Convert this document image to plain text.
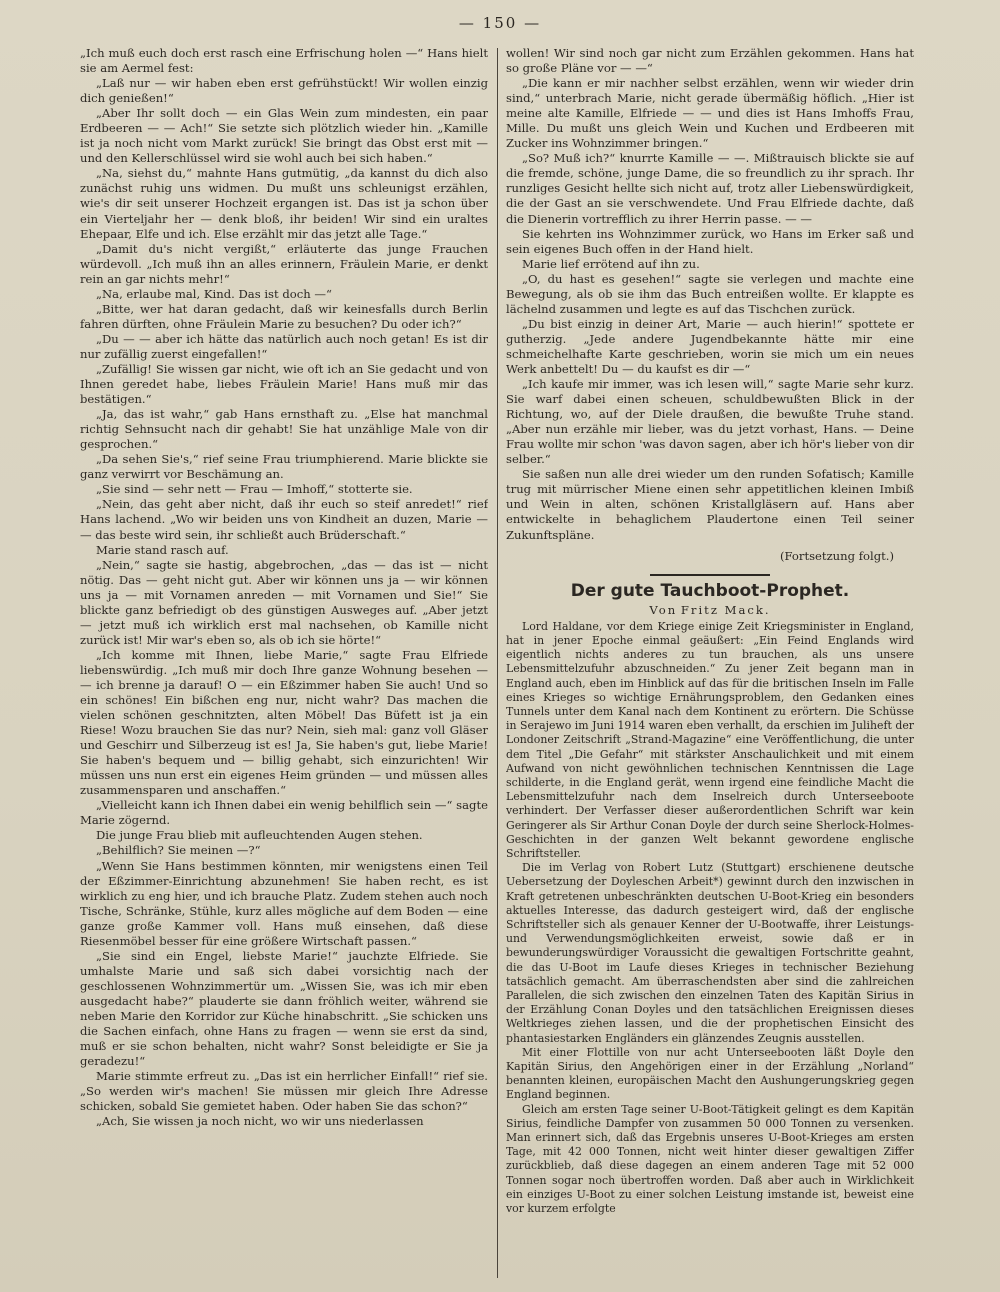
— 150 —

„Ich muß euch doch erst rasch eine Erfrischung holen —“ Hans hielt sie am Aermel fest:

„Laß nur — wir haben eben erst gefrühstückt! Wir wollen einzig dich genießen!“

„Aber Ihr sollt doch — ein Glas Wein zum mindesten, ein paar Erdbeeren — — Ach!“ Sie setzte sich plötzlich wieder hin. „Kamille ist ja noch nicht vom Markt zurück! Sie bringt das Obst erst mit — und den Kellerschlüssel wird sie wohl auch bei sich haben.“

„Na, siehst du,“ mahnte Hans gutmütig, „da kannst du dich also zunächst ruhig uns widmen. Du mußt uns schleunigst erzählen, wie's dir seit unserer Hochzeit ergangen ist. Das ist ja schon über ein Vierteljahr her — denk bloß, ihr beiden! Wir sind ein uraltes Ehepaar, Elfe und ich. Else erzählt mir das jetzt alle Tage.“

„Damit du's nicht vergißt,“ erläuterte das junge Frauchen würdevoll. „Ich muß ihn an alles erinnern, Fräulein Marie, er denkt rein an gar nichts mehr!“

„Na, erlaube mal, Kind. Das ist doch —“

„Bitte, wer hat daran gedacht, daß wir keinesfalls durch Berlin fahren dürften, ohne Fräulein Marie zu besuchen? Du oder ich?“

„Du — — aber ich hätte das natürlich auch noch getan! Es ist dir nur zufällig zuerst eingefallen!“

„Zufällig! Sie wissen gar nicht, wie oft ich an Sie gedacht und von Ihnen geredet habe, liebes Fräulein Marie! Hans muß mir das bestätigen.“

„Ja, das ist wahr,“ gab Hans ernsthaft zu. „Else hat manchmal richtig Sehnsucht nach dir gehabt! Sie hat unzählige Male von dir gesprochen.“

„Da sehen Sie's,“ rief seine Frau triumphierend. Marie blickte sie ganz verwirrt vor Beschämung an.

„Sie sind — sehr nett — Frau — Imhoff,“ stotterte sie.

„Nein, das geht aber nicht, daß ihr euch so steif anredet!“ rief Hans lachend. „Wo wir beiden uns von Kindheit an duzen, Marie — — das beste wird sein, ihr schließt auch Brüderschaft.“

Marie stand rasch auf.

„Nein,“ sagte sie hastig, abgebrochen, „das — das ist — nicht nötig. Das — geht nicht gut. Aber wir können uns ja — wir können uns ja — mit Vornamen anreden — mit Vornamen und Sie!“ Sie blickte ganz befriedigt ob des günstigen Ausweges auf. „Aber jetzt — jetzt muß ich wirklich erst mal nachsehen, ob Kamille nicht zurück ist! Mir war's eben so, als ob ich sie hörte!“

„Ich komme mit Ihnen, liebe Marie,“ sagte Frau Elfriede liebenswürdig. „Ich muß mir doch Ihre ganze Wohnung besehen — — ich brenne ja darauf! O — ein Eßzimmer haben Sie auch! Und so ein schönes! Ein bißchen eng nur, nicht wahr? Das machen die vielen schönen geschnitzten, alten Möbel! Das Büfett ist ja ein Riese! Wozu brauchen Sie das nur? Nein, sieh mal: ganz voll Gläser und Geschirr und Silberzeug ist es! Ja, Sie haben's gut, liebe Marie! Sie haben's bequem und — billig gehabt, sich einzurichten! Wir müssen uns nun erst ein eigenes Heim gründen — und müssen alles zusammensparen und anschaffen.“

„Vielleicht kann ich Ihnen dabei ein wenig behilflich sein —“ sagte Marie zögernd.

Die junge Frau blieb mit aufleuchtenden Augen stehen.

„Behilflich? Sie meinen —?“

„Wenn Sie Hans bestimmen könnten, mir wenigstens einen Teil der Eßzimmer-Einrichtung abzunehmen! Sie haben recht, es ist wirklich zu eng hier, und ich brauche Platz. Zudem stehen auch noch Tische, Schränke, Stühle, kurz alles mögliche auf dem Boden — eine ganze große Kammer voll. Hans muß einsehen, daß diese Riesenmöbel besser für eine größere Wirtschaft passen.“

„Sie sind ein Engel, liebste Marie!“ jauchzte Elfriede. Sie umhalste Marie und saß sich dabei vorsichtig nach der geschlossenen Wohnzimmertür um. „Wissen Sie, was ich mir eben ausgedacht habe?“ plauderte sie dann fröhlich weiter, während sie neben Marie den Korridor zur Küche hinabschritt. „Sie schicken uns die Sachen einfach, ohne Hans zu fragen — wenn sie erst da sind, muß er sie schon behalten, nicht wahr? Sonst beleidigte er Sie ja geradezu!“

Marie stimmte erfreut zu. „Das ist ein herrlicher Einfall!“ rief sie. „So werden wir's machen! Sie müssen mir gleich Ihre Adresse schicken, sobald Sie gemietet haben. Oder haben Sie das schon?“

„Ach, Sie wissen ja noch nicht, wo wir uns niederlassen

wollen! Wir sind noch gar nicht zum Erzählen gekommen. Hans hat so große Pläne vor — —“

„Die kann er mir nachher selbst erzählen, wenn wir wieder drin sind,“ unterbrach Marie, nicht gerade übermäßig höflich. „Hier ist meine alte Kamille, Elfriede — — und dies ist Hans Imhoffs Frau, Mille. Du mußt uns gleich Wein und Kuchen und Erdbeeren mit Zucker ins Wohnzimmer bringen.“

„So? Muß ich?“ knurrte Kamille — —. Mißtrauisch blickte sie auf die fremde, schöne, junge Dame, die so freundlich zu ihr sprach. Ihr runzliges Gesicht hellte sich nicht auf, trotz aller Liebenswürdigkeit, die der Gast an sie verschwendete. Und Frau Elfriede dachte, daß die Dienerin vortrefflich zu ihrer Herrin passe. — —

Sie kehrten ins Wohnzimmer zurück, wo Hans im Erker saß und sein eigenes Buch offen in der Hand hielt.

Marie lief errötend auf ihn zu.

„O, du hast es gesehen!“ sagte sie verlegen und machte eine Bewegung, als ob sie ihm das Buch entreißen wollte. Er klappte es lächelnd zusammen und legte es auf das Tischchen zurück.

„Du bist einzig in deiner Art, Marie — auch hierin!“ spottete er gutherzig. „Jede andere Jugendbekannte hätte mir eine schmeichelhafte Karte geschrieben, worin sie mich um ein neues Werk anbettelt! Du — du kaufst es dir —“

„Ich kaufe mir immer, was ich lesen will,“ sagte Marie sehr kurz. Sie warf dabei einen scheuen, schuldbewußten Blick in der Richtung, wo, auf der Diele draußen, die bewußte Truhe stand. „Aber nun erzähle mir lieber, was du jetzt vorhast, Hans. — Deine Frau wollte mir schon 'was davon sagen, aber ich hör's lieber von dir selber.“

Sie saßen nun alle drei wieder um den runden Sofatisch; Kamille trug mit mürrischer Miene einen sehr appetitlichen kleinen Imbiß und Wein in alten, schönen Kristallgläsern auf. Hans aber entwickelte in behaglichem Plaudertone einen Teil seiner Zukunftspläne.

(Fortsetzung folgt.)
Der gute Tauchboot-Prophet.
Von Fritz Mack.

Lord Haldane, vor dem Kriege einige Zeit Kriegsminister in England, hat in jener Epoche einmal geäußert: „Ein Feind Englands wird eigentlich nichts anderes zu tun brauchen, als uns unsere Lebensmittelzufuhr abzuschneiden.“ Zu jener Zeit begann man in England auch, eben im Hinblick auf das für die britischen Inseln im Falle eines Krieges so wichtige Ernährungsproblem, den Gedanken eines Tunnels unter dem Kanal nach dem Kontinent zu erörtern. Die Schüsse in Serajewo im Juni 1914 waren eben verhallt, da erschien im Juliheft der Londoner Zeitschrift „Strand-Magazine“ eine Veröffentlichung, die unter dem Titel „Die Gefahr“ mit stärkster Anschaulichkeit und mit einem Aufwand von nicht gewöhnlichen technischen Kenntnissen die Lage schilderte, in die England gerät, wenn irgend eine feindliche Macht die Lebensmittelzufuhr nach dem Inselreich durch Unterseeboote verhindert. Der Verfasser dieser außerordentlichen Schrift war kein Geringerer als Sir Arthur Conan Doyle der durch seine Sherlock-Holmes-Geschichten in der ganzen Welt bekannt gewordene englische Schriftsteller.

Die im Verlag von Robert Lutz (Stuttgart) erschienene deutsche Uebersetzung der Doyleschen Arbeit*) gewinnt durch den inzwischen in Kraft getretenen unbeschränkten deutschen U-Boot-Krieg ein besonders aktuelles Interesse, das dadurch gesteigert wird, daß der englische Schriftsteller sich als genauer Kenner der U-Bootwaffe, ihrer Leistungs- und Verwendungsmöglichkeiten erweist, sowie daß er in bewunderungswürdiger Voraussicht die gewaltigen Fortschritte geahnt, die das U-Boot im Laufe dieses Krieges in technischer Beziehung tatsächlich gemacht. Am überraschendsten aber sind die zahlreichen Parallelen, die sich zwischen den einzelnen Taten des Kapitän Sirius in der Erzählung Conan Doyles und den tatsächlichen Ereignissen dieses Weltkrieges ziehen lassen, und die der prophetischen Einsicht des phantasiestarken Engländers ein glänzendes Zeugnis ausstellen.

Mit einer Flottille von nur acht Unterseebooten läßt Doyle den Kapitän Sirius, den Angehörigen einer in der Erzählung „Norland“ benannten kleinen, europäischen Macht den Aushungerungskrieg gegen England beginnen.

Gleich am ersten Tage seiner U-Boot-Tätigkeit gelingt es dem Kapitän Sirius, feindliche Dampfer von zusammen 50 000 Tonnen zu versenken. Man erinnert sich, daß das Ergebnis unseres U-Boot-Krieges am ersten Tage, mit 42 000 Tonnen, nicht weit hinter dieser gewaltigen Ziffer zurückblieb, daß diese dagegen an einem anderen Tage mit 52 000 Tonnen sogar noch übertroffen worden. Daß aber auch in Wirklichkeit ein einziges U-Boot zu einer solchen Leistung imstande ist, beweist eine vor kurzem erfolgte
